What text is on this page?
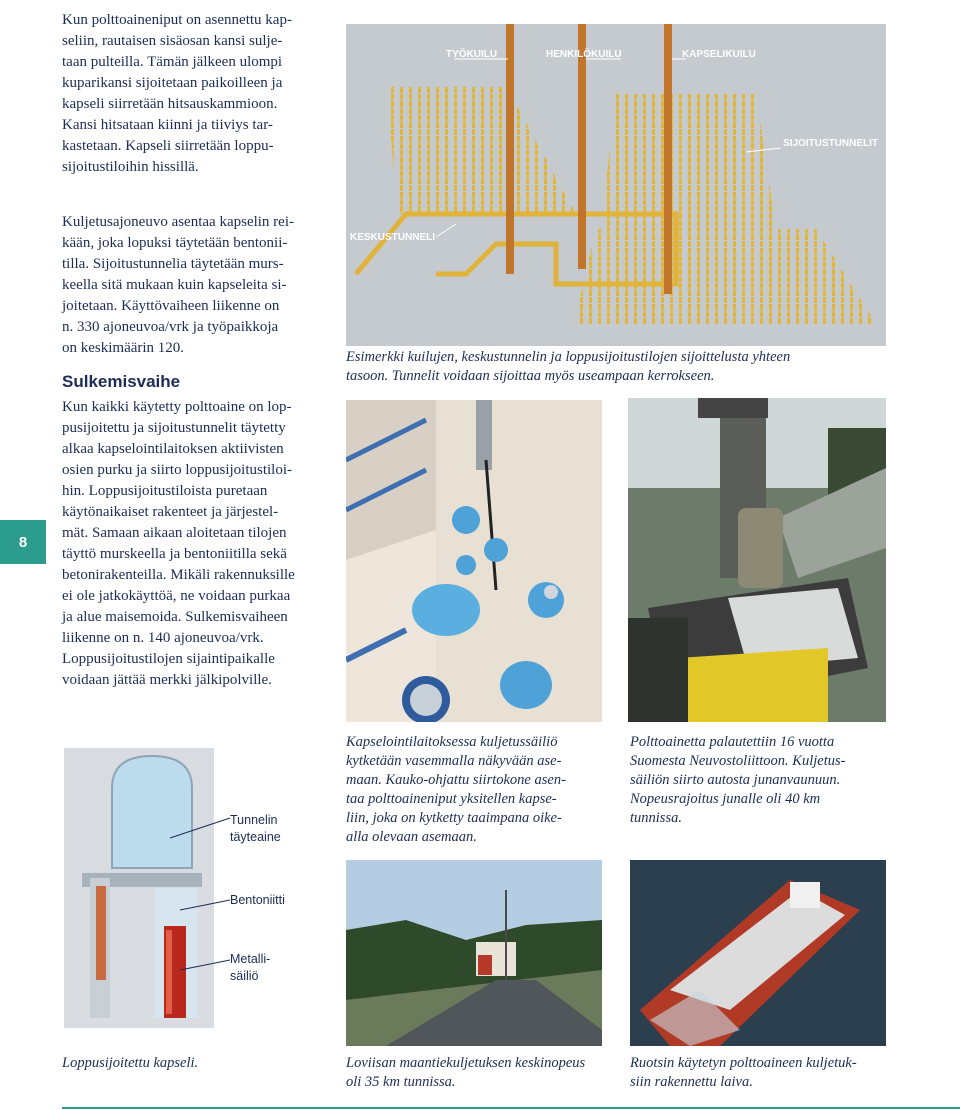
8
Kun polttoaineniput on asennettu kap-
seliin, rautaisen sisäosan kansi sulje-
taan pulteilla. Tämän jälkeen ulompi
kuparikansi sijoitetaan paikoilleen ja
kapseli siirretään hitsauskammioon.
Kansi hitsataan kiinni ja tiiviys tar-
kastetaan. Kapseli siirretään loppu-
sijoitustiloihin hissillä.
Kuljetusajoneuvo asentaa kapselin rei-
kään, joka lopuksi täytetään bentonii-
tilla. Sijoitustunnelia täytetään murs-
keella sitä mukaan kuin kapseleita si-
joitetaan. Käyttövaiheen liikenne on
n. 330 ajoneuvoa/vrk ja työpaikkoja
on keskimäärin 120.
Sulkemisvaihe
Kun kaikki käytetty polttoaine on lop-
pusijoitettu ja sijoitustunnelit täytetty
alkaa kapselointilaitoksen aktiivisten
osien purku ja siirto loppusijoitustiloi-
hin. Loppusijoitustiloista puretaan
käytönaikaiset rakenteet ja järjestel-
mät. Samaan aikaan aloitetaan tilojen
täyttö murskeella ja bentoniitilla sekä
betonirakenteilla. Mikäli rakennuksille
ei ole jatkokäyttöä, ne voidaan purkaa
ja alue maisemoida. Sulkemisvaiheen
liikenne on n. 140 ajoneuvoa/vrk.
Loppusijoitustilojen sijaintipaikalle
voidaan jättää merkki jälkipolville.
TYÖKUILU	HENKILÖKUILU	KAPSELIKUILU
SIJOITUSTUNNELIT
KESKUSTUNNELI
Esimerkki kuilujen, keskustunnelin ja loppusijoitustilojen sijoittelusta yhteen
tasoon. Tunnelit voidaan sijoittaa myös useampaan kerrokseen.
Kapselointilaitoksessa kuljetussäiliö
kytketään vasemmalla näkyvään ase-
maan. Kauko-ohjattu siirtokone asen-
taa polttoaineniput yksitellen kapse-
liin, joka on kytketty taaimpana oike-
alla olevaan asemaan.
Polttoainetta palautettiin 16 vuotta
Suomesta Neuvostoliittoon. Kuljetus-
säiliön siirto autosta junanvaunuun.
Nopeusrajoitus junalle oli 40 km
tunnissa.
Tunnelin
täyteaine
Bentoniitti
Metalli-
säiliö
Loppusijoitettu kapseli.	Loviisan maantiekuljetuksen keskinopeus
oli 35 km tunnissa.
Ruotsin käytetyn polttoaineen kuljetuk-
siin rakennettu laiva.
